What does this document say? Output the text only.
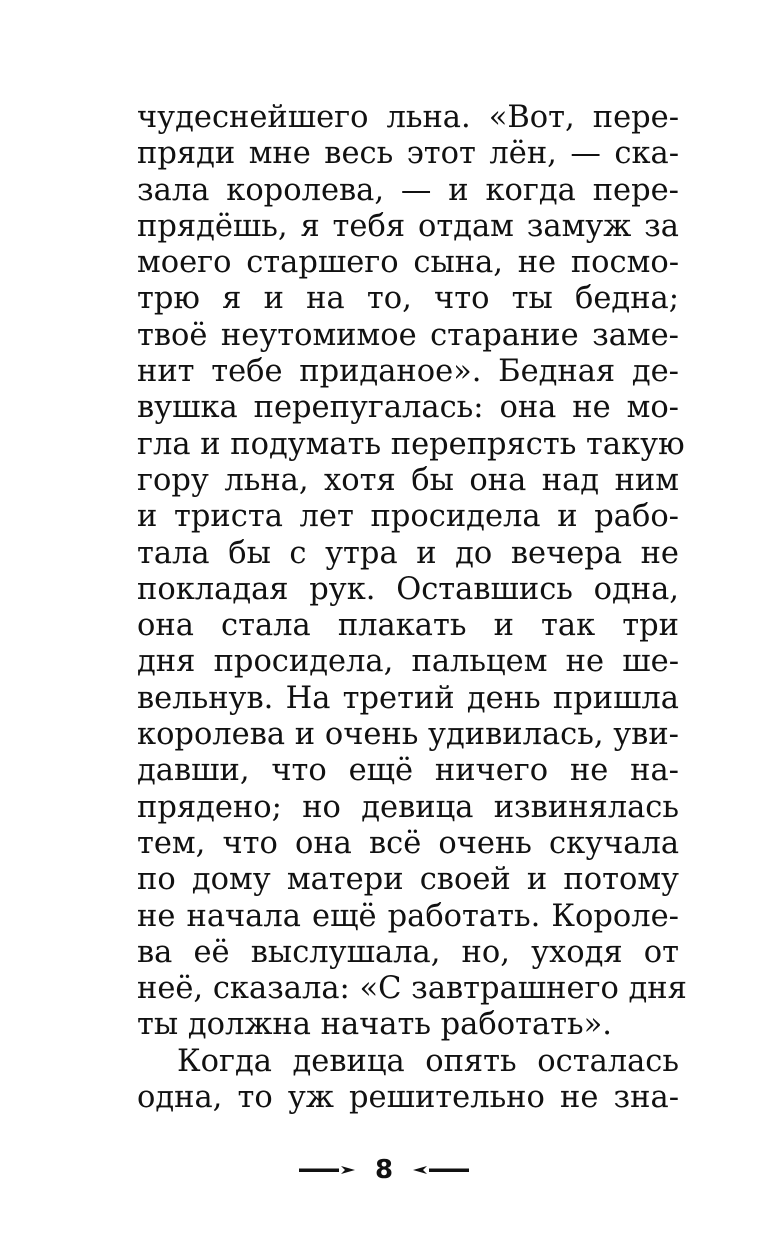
чудеснейшего льна. «Вот, пере-
пряди мне весь этот лён, — ска-
зала королева, — и когда пере-
прядёшь, я тебя отдам замуж за
моего старшего сына, не посмо-
трю я и на то, что ты бедна;
твоё неутомимое старание заме-
нит тебе приданое». Бедная де-
вушка перепугалась: она не мо-
гла и подумать перепрясть такую
гору льна, хотя бы она над ним
и триста лет просидела и рабо-
тала бы с утра и до вечера не
покладая рук. Оставшись одна,
она стала плакать и так три
дня просидела, пальцем не ше-
вельнув. На третий день пришла
королева и очень удивилась, уви-
давши, что ещё ничего не на-
прядено; но девица извинялась
тем, что она всё очень скучала
по дому матери своей и потому
не начала ещё работать. Короле-
ва её выслушала, но, уходя от
неё, сказала: «С завтрашнего дня
ты должна начать работать».
Когда девица опять осталась
одна, то уж решительно не зна-
8
